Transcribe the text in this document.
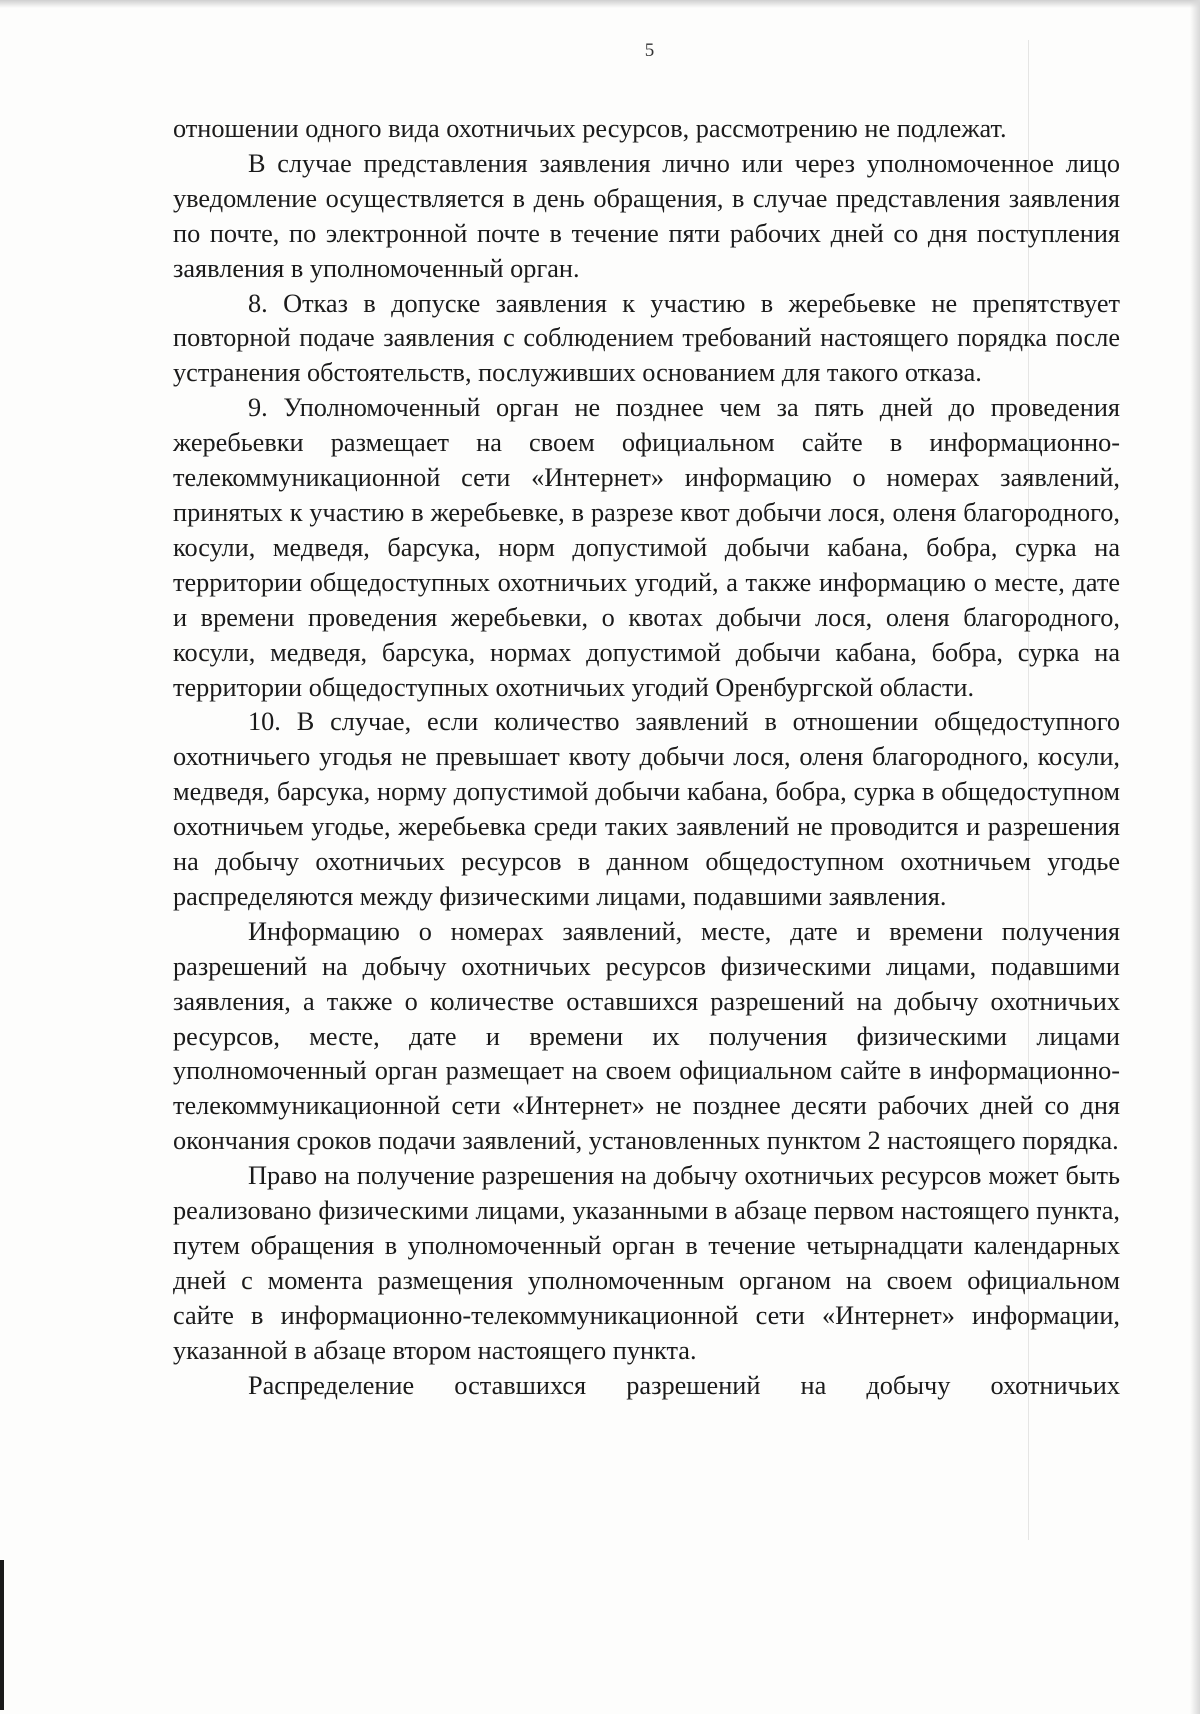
5

отношении одного вида охотничьих ресурсов, рассмотрению не подлежат.

В случае представления заявления лично или через уполномоченное лицо уведомление осуществляется в день обращения, в случае представления заявления по почте, по электронной почте в течение пяти рабочих дней со дня поступления заявления в уполномоченный орган.

8. Отказ в допуске заявления к участию в жеребьевке не препятствует повторной подаче заявления с соблюдением требований настоящего порядка после устранения обстоятельств, послуживших основанием для такого отказа.

9. Уполномоченный орган не позднее чем за пять дней до проведения жеребьевки размещает на своем официальном сайте в информационно-телекоммуникационной сети «Интернет» информацию о номерах заявлений, принятых к участию в жеребьевке, в разрезе квот добычи лося, оленя благородного, косули, медведя, барсука, норм допустимой добычи кабана, бобра, сурка на территории общедоступных охотничьих угодий, а также информацию о месте, дате и времени проведения жеребьевки, о квотах добычи лося, оленя благородного, косули, медведя, барсука, нормах допустимой добычи кабана, бобра, сурка на территории общедоступных охотничьих угодий Оренбургской области.

10. В случае, если количество заявлений в отношении общедоступного охотничьего угодья не превышает квоту добычи лося, оленя благородного, косули, медведя, барсука, норму допустимой добычи кабана, бобра, сурка в общедоступном охотничьем угодье, жеребьевка среди таких заявлений не проводится и разрешения на добычу охотничьих ресурсов в данном общедоступном охотничьем угодье распределяются между физическими лицами, подавшими заявления.

Информацию о номерах заявлений, месте, дате и времени получения разрешений на добычу охотничьих ресурсов физическими лицами, подавшими заявления, а также о количестве оставшихся разрешений на добычу охотничьих ресурсов, месте, дате и времени их получения физическими лицами уполномоченный орган размещает на своем официальном сайте в информационно-телекоммуникационной сети «Интернет» не позднее десяти рабочих дней со дня окончания сроков подачи заявлений, установленных пунктом 2 настоящего порядка.

Право на получение разрешения на добычу охотничьих ресурсов может быть реализовано физическими лицами, указанными в абзаце первом настоящего пункта, путем обращения в уполномоченный орган в течение четырнадцати календарных дней с момента размещения уполномоченным органом на своем официальном сайте в информационно-телекоммуникационной сети «Интернет» информации, указанной в абзаце втором настоящего пункта.

Распределение оставшихся разрешений на добычу охотничьих
